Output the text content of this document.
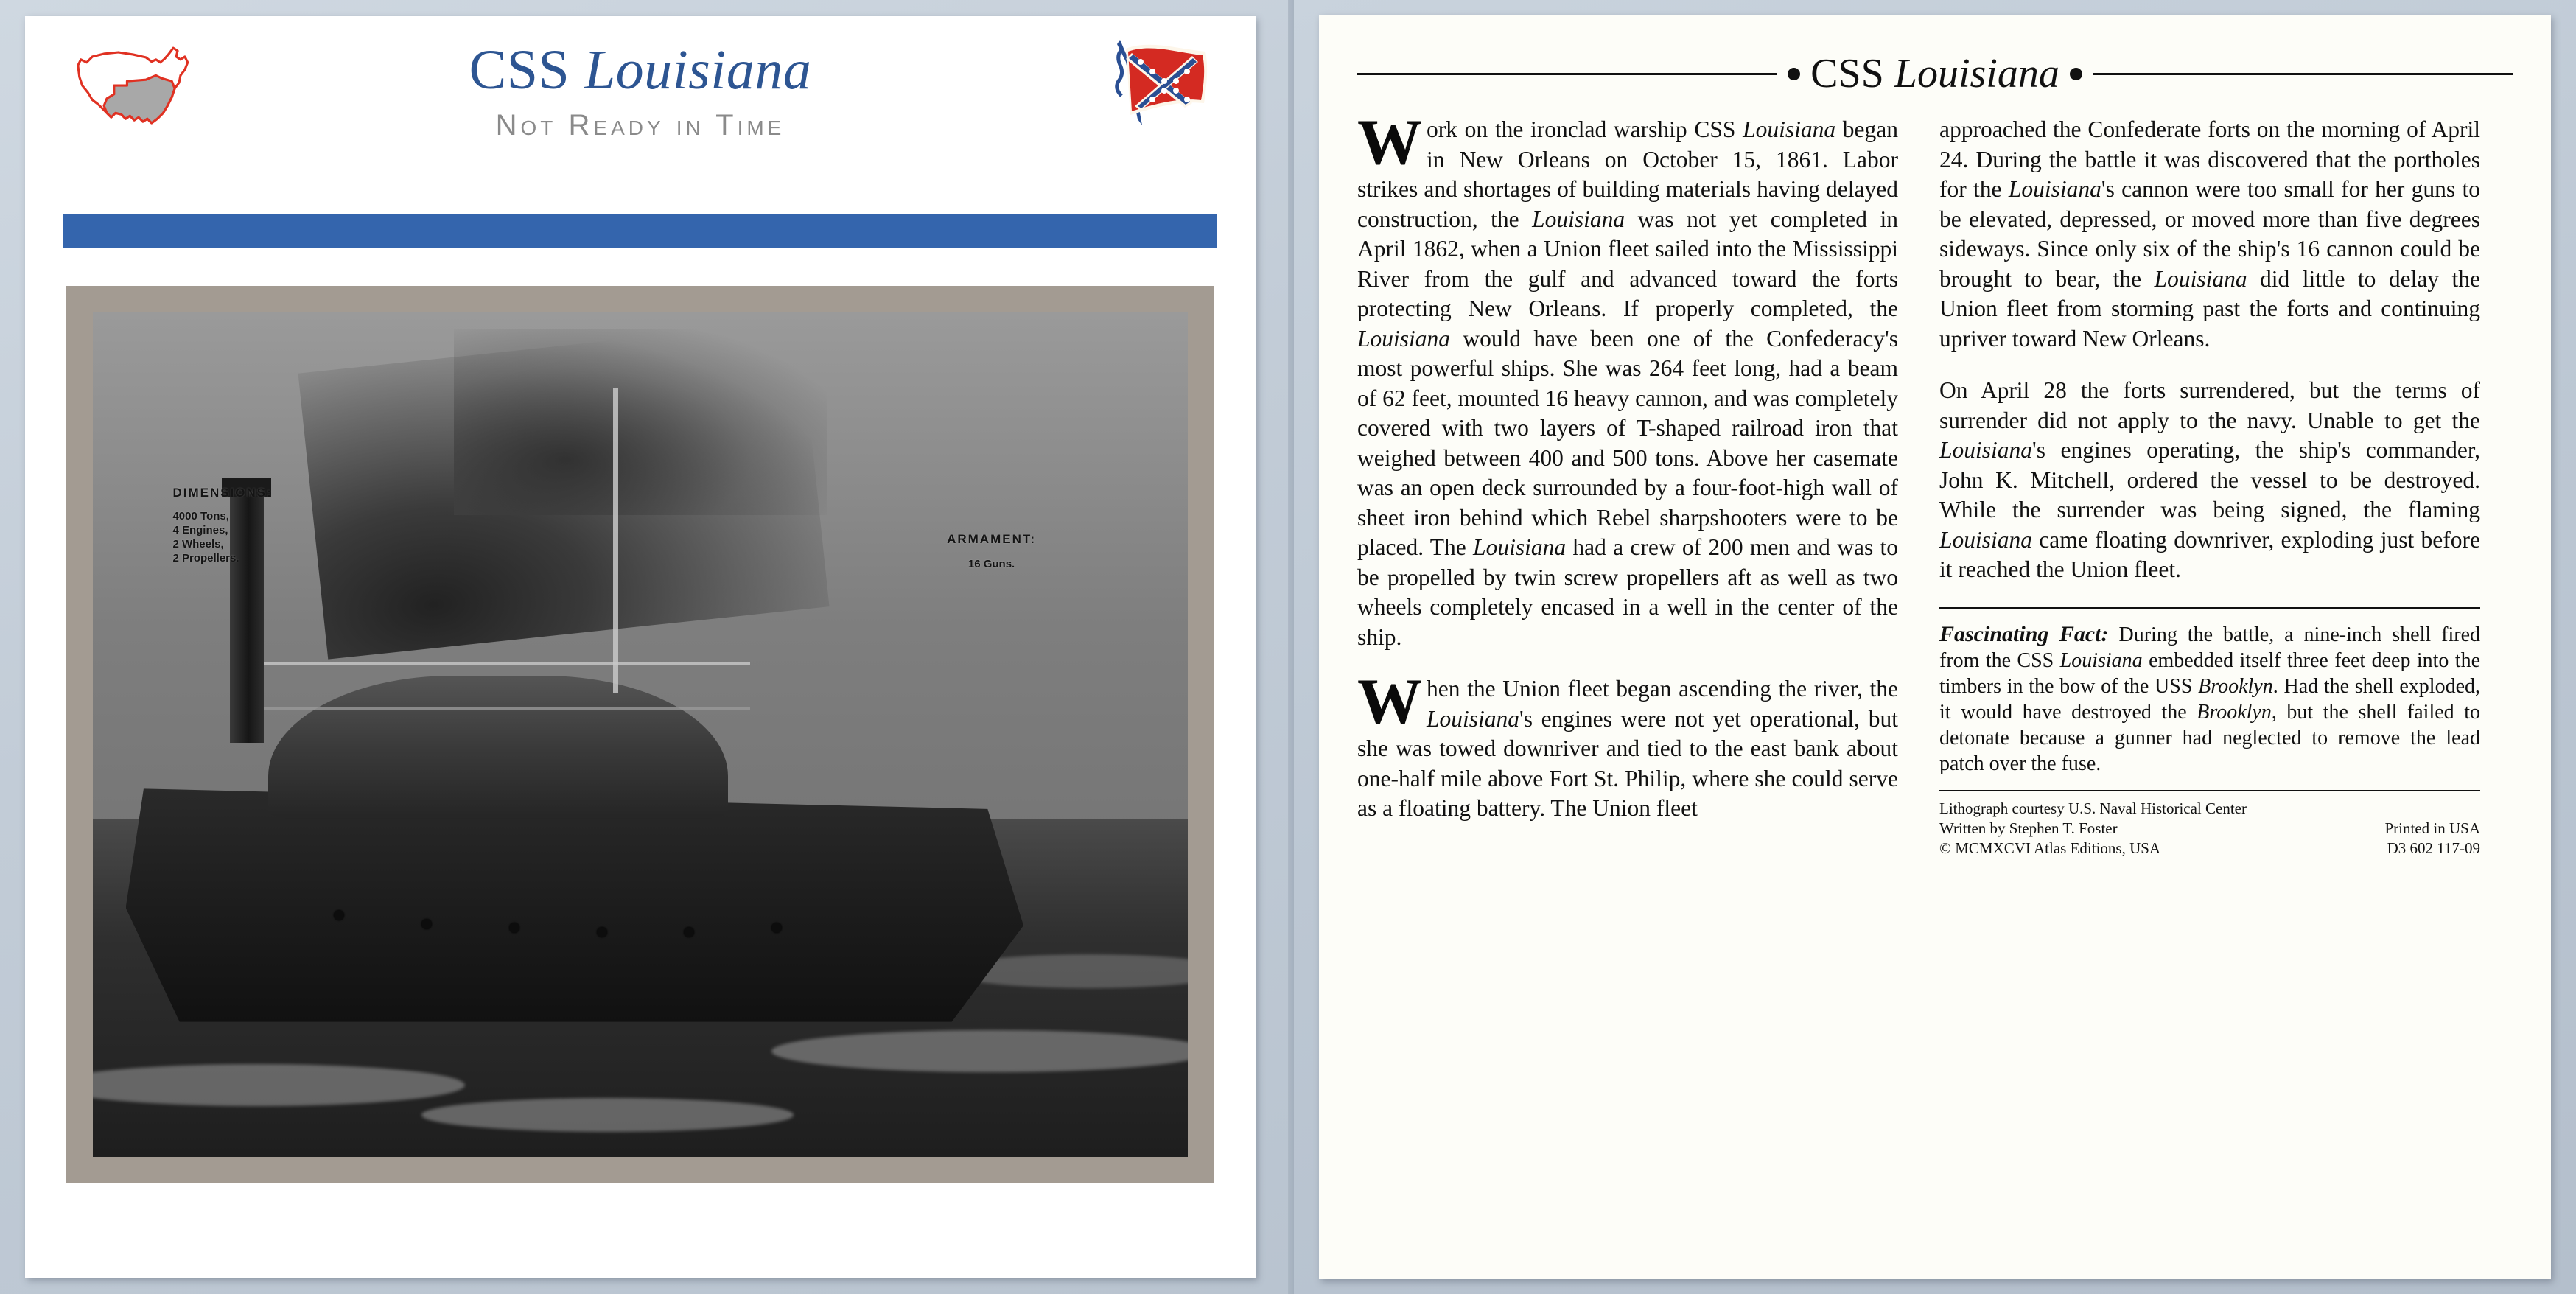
CSS Louisiana
Not Ready in Time
DIMENSIONS:
4000 Tons,
4 Engines,
2 Wheels,
2 Propellers.
ARMAMENT:
16 Guns.
CSS Louisiana

Work on the ironclad warship CSS Louisiana began in New Orleans on October 15, 1861. Labor strikes and shortages of building materials having delayed construction, the Louisiana was not yet completed in April 1862, when a Union fleet sailed into the Mississippi River from the gulf and advanced toward the forts protecting New Orleans. If properly completed, the Louisiana would have been one of the Confederacy's most powerful ships. She was 264 feet long, had a beam of 62 feet, mounted 16 heavy cannon, and was completely covered with two layers of T-shaped railroad iron that weighed between 400 and 500 tons. Above her casemate was an open deck surrounded by a four-foot-high wall of sheet iron behind which Rebel sharpshooters were to be placed. The Louisiana had a crew of 200 men and was to be propelled by twin screw propellers aft as well as two wheels completely encased in a well in the center of the ship.

When the Union fleet began ascending the river, the Louisiana's engines were not yet operational, but she was towed downriver and tied to the east bank about one-half mile above Fort St. Philip, where she could serve as a floating battery. The Union fleet

approached the Confederate forts on the morning of April 24. During the battle it was discovered that the portholes for the Louisiana's cannon were too small for her guns to be elevated, depressed, or moved more than five degrees sideways. Since only six of the ship's 16 cannon could be brought to bear, the Louisiana did little to delay the Union fleet from storming past the forts and continuing upriver toward New Orleans.

On April 28 the forts surrendered, but the terms of surrender did not apply to the navy. Unable to get the Louisiana's engines operating, the ship's commander, John K. Mitchell, ordered the vessel to be destroyed. While the surrender was being signed, the flaming Louisiana came floating downriver, exploding just before it reached the Union fleet.

Fascinating Fact: During the battle, a nine-inch shell fired from the CSS Louisiana embedded itself three feet deep into the timbers in the bow of the USS Brooklyn. Had the shell exploded, it would have destroyed the Brooklyn, but the shell failed to detonate because a gunner had neglected to remove the lead patch over the fuse.

Lithograph courtesy U.S. Naval Historical Center
Written by Stephen T. Foster	Printed in USA
© MCMXCVI Atlas Editions, USA	D3 602 117-09
